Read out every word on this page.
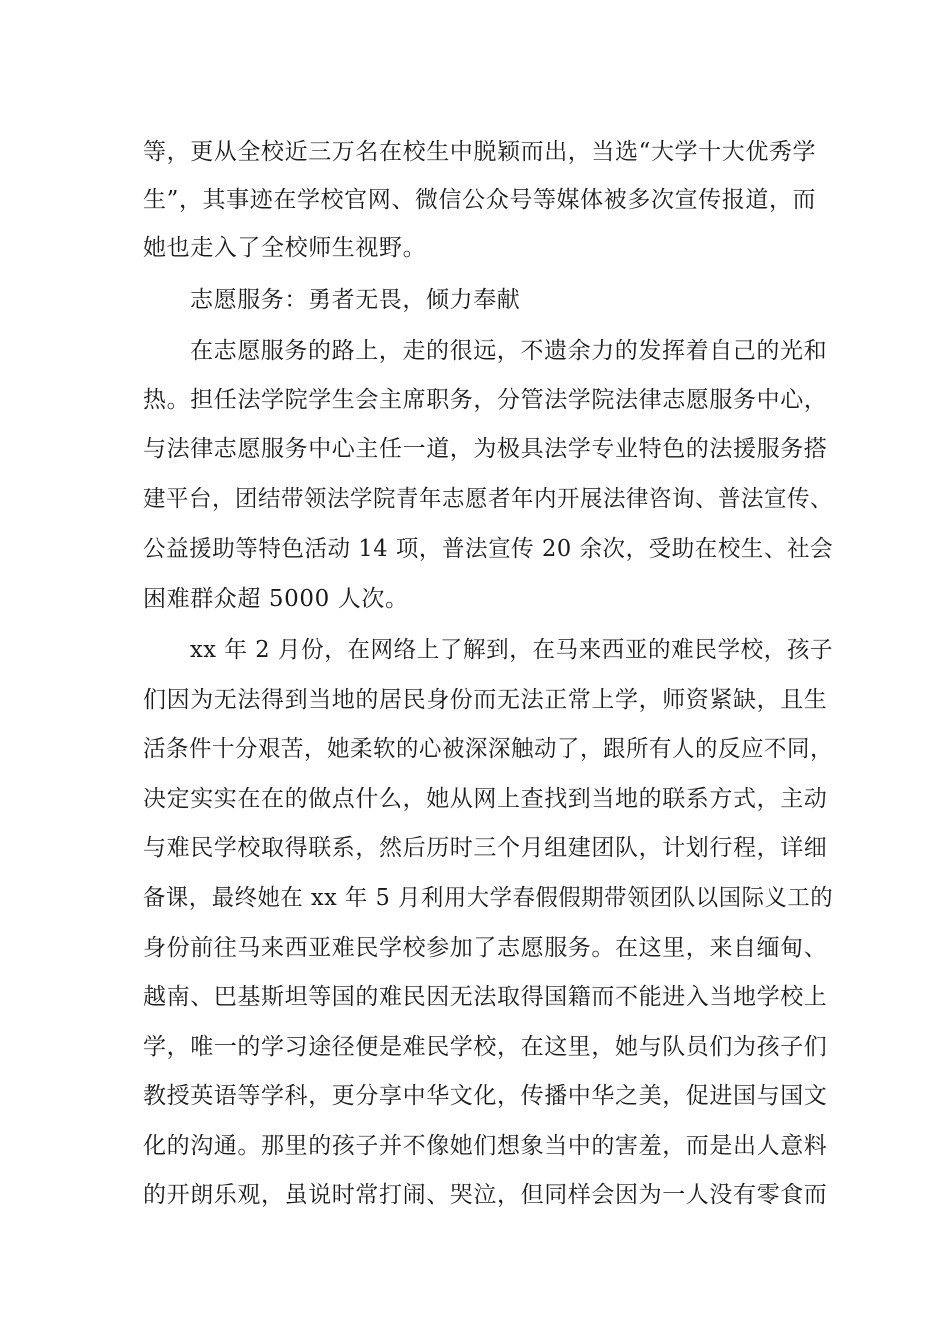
等，更从全校近三万名在校生中脱颖而出，当选“大学十大优秀学
生”，其事迹在学校官网、微信公众号等媒体被多次宣传报道，而
她也走入了全校师生视野。
志愿服务：勇者无畏，倾力奉献
在志愿服务的路上，走的很远，不遗余力的发挥着自己的光和
热。担任法学院学生会主席职务，分管法学院法律志愿服务中心，
与法律志愿服务中心主任一道，为极具法学专业特色的法援服务搭
建平台，团结带领法学院青年志愿者年内开展法律咨询、普法宣传、
公益援助等特色活动 14 项，普法宣传 20 余次，受助在校生、社会
困难群众超 5000 人次。
xx 年 2 月份，在网络上了解到，在马来西亚的难民学校，孩子
们因为无法得到当地的居民身份而无法正常上学，师资紧缺，且生
活条件十分艰苦，她柔软的心被深深触动了，跟所有人的反应不同，
决定实实在在的做点什么，她从网上查找到当地的联系方式，主动
与难民学校取得联系，然后历时三个月组建团队，计划行程，详细
备课，最终她在 xx 年 5 月利用大学春假假期带领团队以国际义工的
身份前往马来西亚难民学校参加了志愿服务。在这里，来自缅甸、
越南、巴基斯坦等国的难民因无法取得国籍而不能进入当地学校上
学，唯一的学习途径便是难民学校，在这里，她与队员们为孩子们
教授英语等学科，更分享中华文化，传播中华之美，促进国与国文
化的沟通。那里的孩子并不像她们想象当中的害羞，而是出人意料
的开朗乐观，虽说时常打闹、哭泣，但同样会因为一人没有零食而
